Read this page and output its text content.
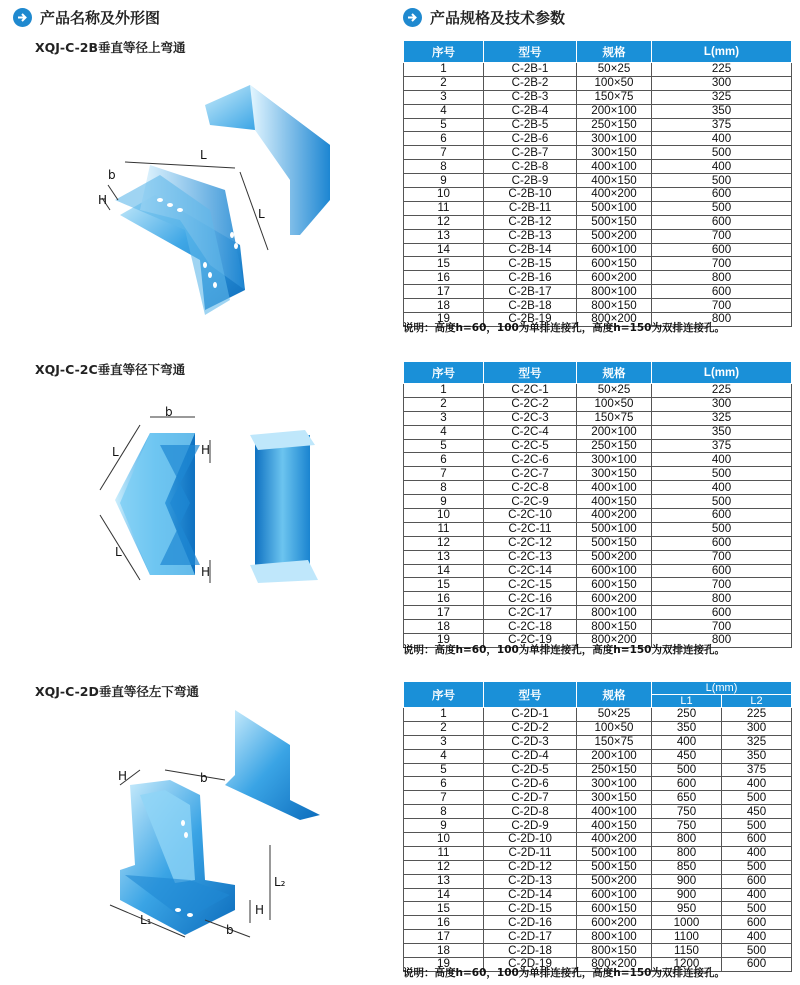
产品名称及外形图	产品规格及技术参数
XQJ-C-2B垂直等径上弯通
XQJ-C-2C垂直等径下弯通
XQJ-C-2D垂直等径左下弯通
L
b
H
L
b
L	H
L
H
H	b
L₂
L₁
H
b
序号	型号	规格	L(mm)
1	C-2B-1	50×25	225
2	C-2B-2	100×50	300
3	C-2B-3	150×75	325
4	C-2B-4	200×100	350
5	C-2B-5	250×150	375
6	C-2B-6	300×100	400
7	C-2B-7	300×150	500
8	C-2B-8	400×100	400
9	C-2B-9	400×150	500
10	C-2B-10	400×200	600
11	C-2B-11	500×100	500
12	C-2B-12	500×150	600
13	C-2B-13	500×200	700
14	C-2B-14	600×100	600
15	C-2B-15	600×150	700
16	C-2B-16	600×200	800
17	C-2B-17	800×100	600
18	C-2B-18	800×150	700
19	C-2B-19	800×200	800
说明：高度h=60，100为单排连接孔，高度h=150为双排连接孔。
序号	型号	规格	L(mm)
1	C-2C-1	50×25	225
2	C-2C-2	100×50	300
3	C-2C-3	150×75	325
4	C-2C-4	200×100	350
5	C-2C-5	250×150	375
6	C-2C-6	300×100	400
7	C-2C-7	300×150	500
8	C-2C-8	400×100	400
9	C-2C-9	400×150	500
10	C-2C-10	400×200	600
11	C-2C-11	500×100	500
12	C-2C-12	500×150	600
13	C-2C-13	500×200	700
14	C-2C-14	600×100	600
15	C-2C-15	600×150	700
16	C-2C-16	600×200	800
17	C-2C-17	800×100	600
18	C-2C-18	800×150	700
19	C-2C-19	800×200	800
说明：高度h=60，100为单排连接孔，高度h=150为双排连接孔。
序号	型号	规格	L(mm)	
			L1	L2
1	C-2D-1	50×25	250	225
2	C-2D-2	100×50	350	300
3	C-2D-3	150×75	400	325
4	C-2D-4	200×100	450	350
5	C-2D-5	250×150	500	375
6	C-2D-6	300×100	600	400
7	C-2D-7	300×150	650	500
8	C-2D-8	400×100	750	450
9	C-2D-9	400×150	750	500
10	C-2D-10	400×200	800	600
11	C-2D-11	500×100	800	400
12	C-2D-12	500×150	850	500
13	C-2D-13	500×200	900	600
14	C-2D-14	600×100	900	400
15	C-2D-15	600×150	950	500
16	C-2D-16	600×200	1000	600
17	C-2D-17	800×100	1100	400
18	C-2D-18	800×150	1150	500
19	C-2D-19	800×200	1200	600
说明：高度h=60，100为单排连接孔，高度h=150为双排连接孔。
